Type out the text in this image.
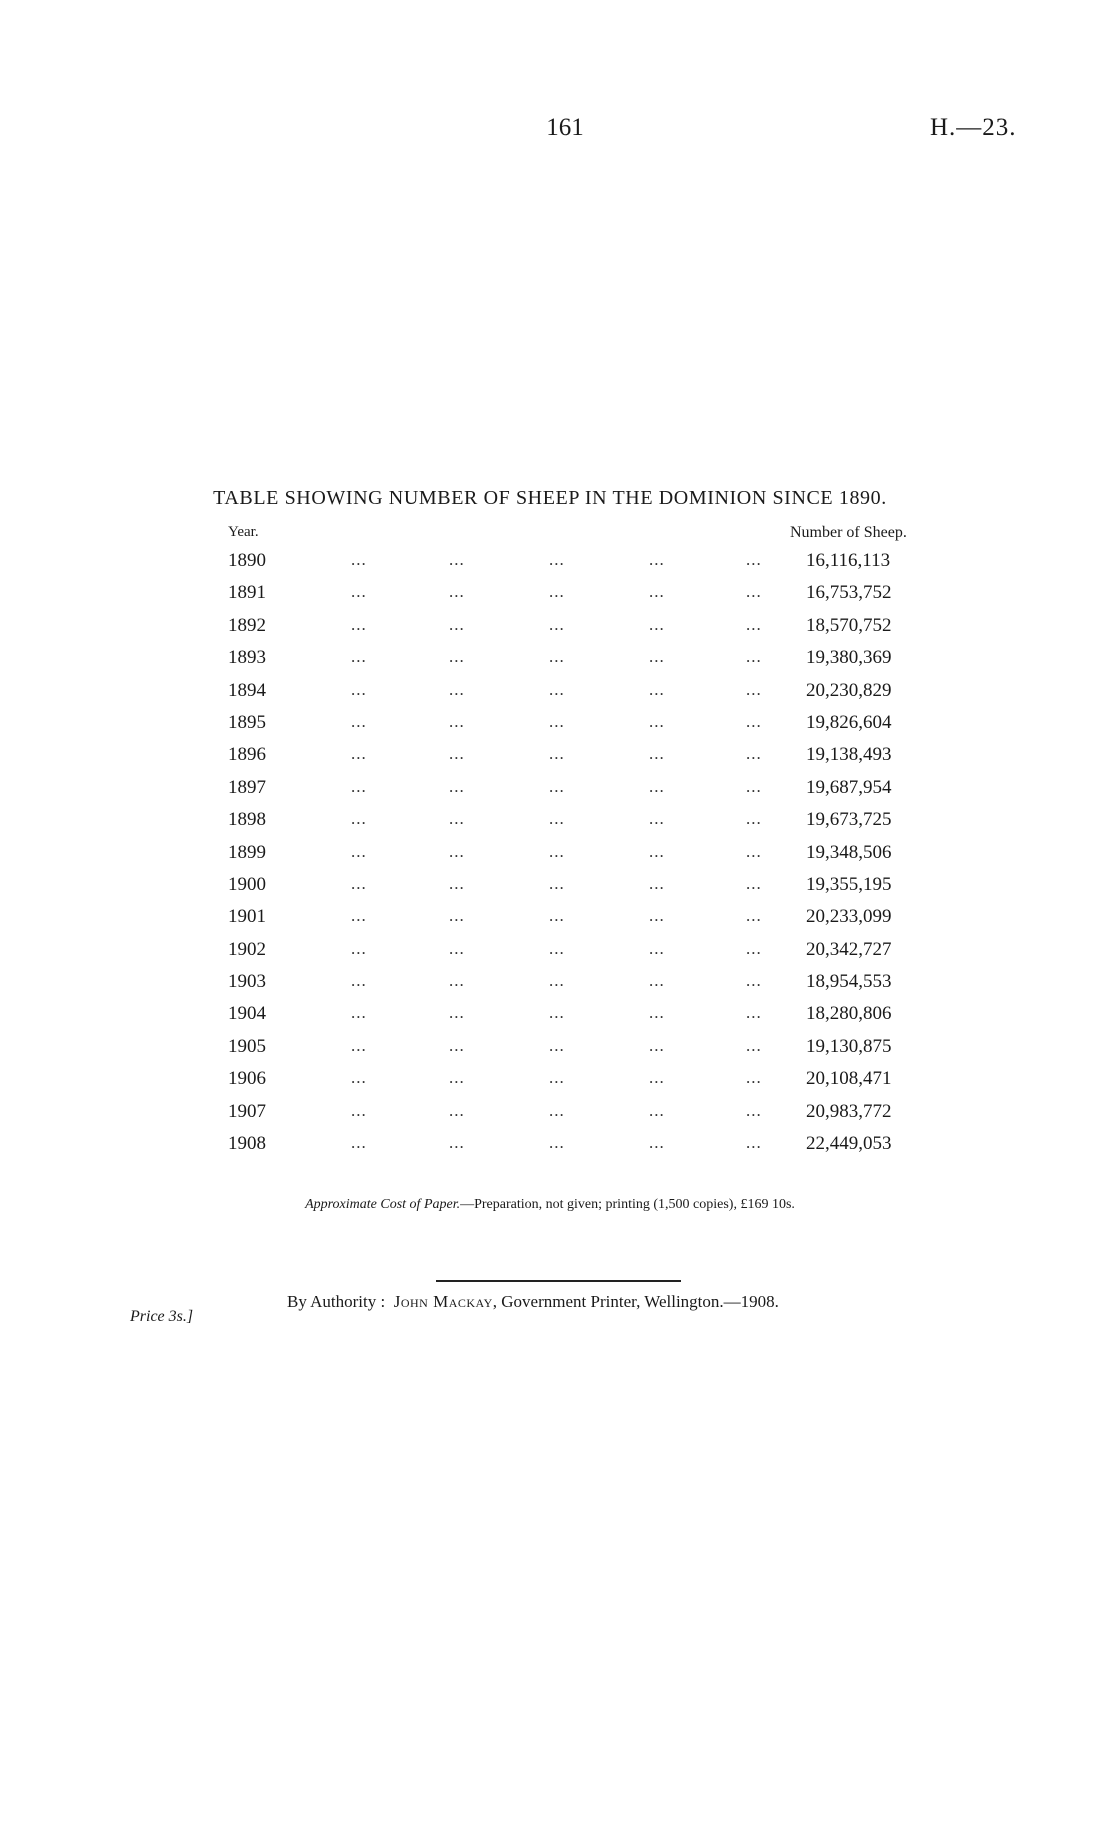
161	H.—23.
TABLE SHOWING NUMBER OF SHEEP IN THE DOMINION SINCE 1890.
Year.	Number of Sheep.
1890	...	...	...	...	... 16,116,113
1891	...	...	...	...	... 16,753,752
1892	...	...	...	...	... 18,570,752
1893	...	...	...	...	... 19,380,369
1894	...	...	...	...	... 20,230,829
1895	...	...	...	...	... 19,826,604
1896	...	...	...	...	... 19,138,493
1897	...	...	...	...	... 19,687,954
1898	...	...	...	...	... 19,673,725
1899	...	...	...	...	... 19,348,506
1900	...	...	...	...	... 19,355,195
1901	...	...	...	...	... 20,233,099
1902	...	...	...	...	... 20,342,727
1903	...	...	...	...	... 18,954,553
1904	...	...	...	...	... 18,280,806
1905	...	...	...	...	... 19,130,875
1906	...	...	...	...	... 20,108,471
1907	...	...	...	...	... 20,983,772
1908	...	...	...	...	... 22,449,053
Approximate Cost of Paper.—Preparation, not given; printing (1,500 copies), £169 10s.
Price 3s.]
By Authority : John Mackay, Government Printer, Wellington.—1908.
